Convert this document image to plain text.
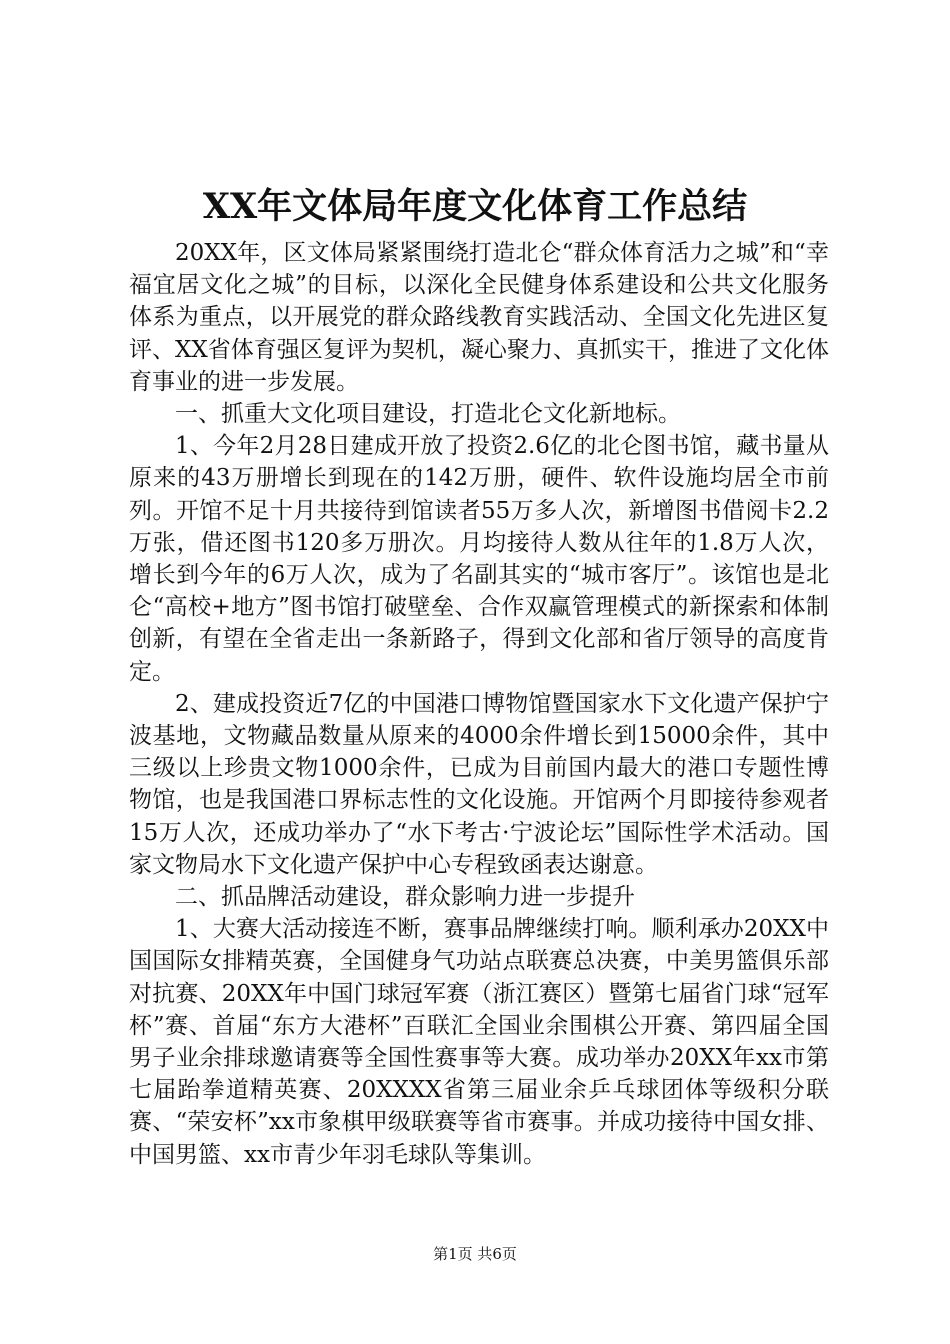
XX年文体局年度文化体育工作总结

20XX年，区文体局紧紧围绕打造北仑“群众体育活力之城”和“幸福宜居文化之城”的目标，以深化全民健身体系建设和公共文化服务体系为重点，以开展党的群众路线教育实践活动、全国文化先进区复评、XX省体育强区复评为契机，凝心聚力、真抓实干，推进了文化体育事业的进一步发展。

一、抓重大文化项目建设，打造北仑文化新地标。

1、今年2月28日建成开放了投资2.6亿的北仑图书馆，藏书量从原来的43万册增长到现在的142万册，硬件、软件设施均居全市前列。开馆不足十月共接待到馆读者55万多人次，新增图书借阅卡2.2万张，借还图书120多万册次。月均接待人数从往年的1.8万人次，增长到今年的6万人次，成为了名副其实的“城市客厅”。该馆也是北仑“高校+地方”图书馆打破壁垒、合作双赢管理模式的新探索和体制创新，有望在全省走出一条新路子，得到文化部和省厅领导的高度肯定。

2、建成投资近7亿的中国港口博物馆暨国家水下文化遗产保护宁波基地，文物藏品数量从原来的4000余件增长到15000余件，其中三级以上珍贵文物1000余件，已成为目前国内最大的港口专题性博物馆，也是我国港口界标志性的文化设施。开馆两个月即接待参观者15万人次，还成功举办了“水下考古·宁波论坛”国际性学术活动。国家文物局水下文化遗产保护中心专程致函表达谢意。

二、抓品牌活动建设，群众影响力进一步提升

1、大赛大活动接连不断，赛事品牌继续打响。顺利承办20XX中国国际女排精英赛，全国健身气功站点联赛总决赛，中美男篮俱乐部对抗赛、20XX年中国门球冠军赛（浙江赛区）暨第七届省门球“冠军杯”赛、首届“东方大港杯”百联汇全国业余围棋公开赛、第四届全国男子业余排球邀请赛等全国性赛事等大赛。成功举办20XX年xx市第七届跆拳道精英赛、20XXXX省第三届业余乒乓球团体等级积分联赛、“荣安杯”xx市象棋甲级联赛等省市赛事。并成功接待中国女排、中国男篮、xx市青少年羽毛球队等集训。

第1页 共6页
